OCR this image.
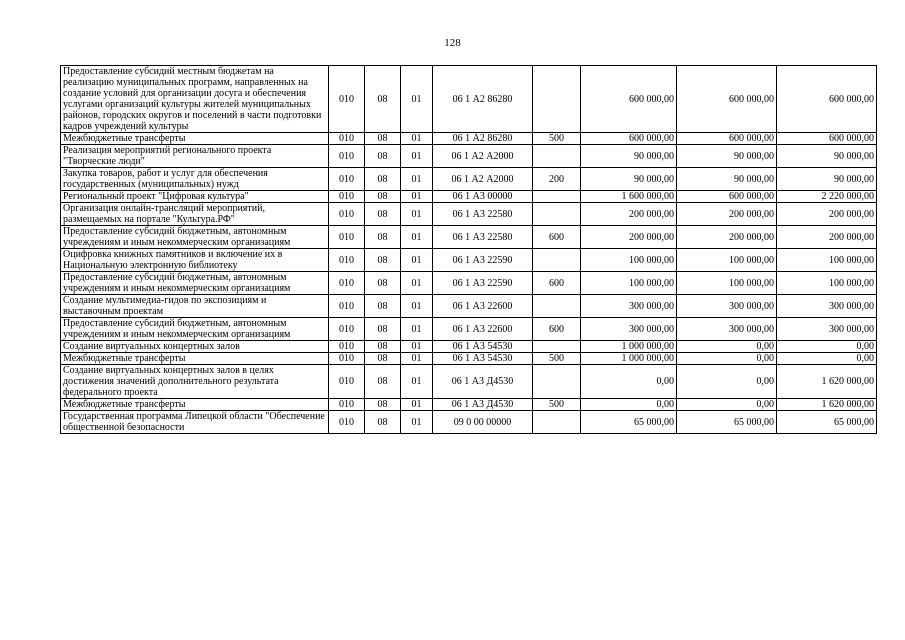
128
Предоставление субсидий местным бюджетам на реализацию муниципальных программ, направленных на создание условий для организации досуга и обеспечения услугами организаций культуры жителей муниципальных районов, городских округов и поселений в части подготовки кадров учреждений культуры	010	08	01	06 1 А2 86280		600 000,00	600 000,00	600 000,00
Межбюджетные трансферты	010	08	01	06 1 А2 86280	500	600 000,00	600 000,00	600 000,00
Реализация мероприятий регионального проекта "Творческие люди"	010	08	01	06 1 А2 А2000		90 000,00	90 000,00	90 000,00
Закупка товаров, работ и услуг для обеспечения государственных (муниципальных) нужд	010	08	01	06 1 А2 А2000	200	90 000,00	90 000,00	90 000,00
Региональный проект "Цифровая культура"	010	08	01	06 1 А3 00000		1 600 000,00	600 000,00	2 220 000,00
Организация онлайн-трансляций мероприятий, размещаемых на портале "Культура.РФ"	010	08	01	06 1 А3 22580		200 000,00	200 000,00	200 000,00
Предоставление субсидий бюджетным, автономным учреждениям и иным некоммерческим организациям	010	08	01	06 1 А3 22580	600	200 000,00	200 000,00	200 000,00
Оцифровка книжных памятников и включение их в Национальную электронную библиотеку	010	08	01	06 1 А3 22590		100 000,00	100 000,00	100 000,00
Предоставление субсидий бюджетным, автономным учреждениям и иным некоммерческим организациям	010	08	01	06 1 А3 22590	600	100 000,00	100 000,00	100 000,00
Создание мультимедиа-гидов по экспозициям и выставочным проектам	010	08	01	06 1 А3 22600		300 000,00	300 000,00	300 000,00
Предоставление субсидий бюджетным, автономным учреждениям и иным некоммерческим организациям	010	08	01	06 1 А3 22600	600	300 000,00	300 000,00	300 000,00
Создание виртуальных концертных залов	010	08	01	06 1 А3 54530		1 000 000,00	0,00	0,00
Межбюджетные трансферты	010	08	01	06 1 А3 54530	500	1 000 000,00	0,00	0,00
Создание виртуальных концертных залов в целях достижения значений дополнительного результата федерального проекта	010	08	01	06 1 А3 Д4530		0,00	0,00	1 620 000,00
Межбюджетные трансферты	010	08	01	06 1 А3 Д4530	500	0,00	0,00	1 620 000,00
Государственная программа Липецкой области "Обеспечение общественной безопасности	010	08	01	09 0 00 00000		65 000,00	65 000,00	65 000,00
